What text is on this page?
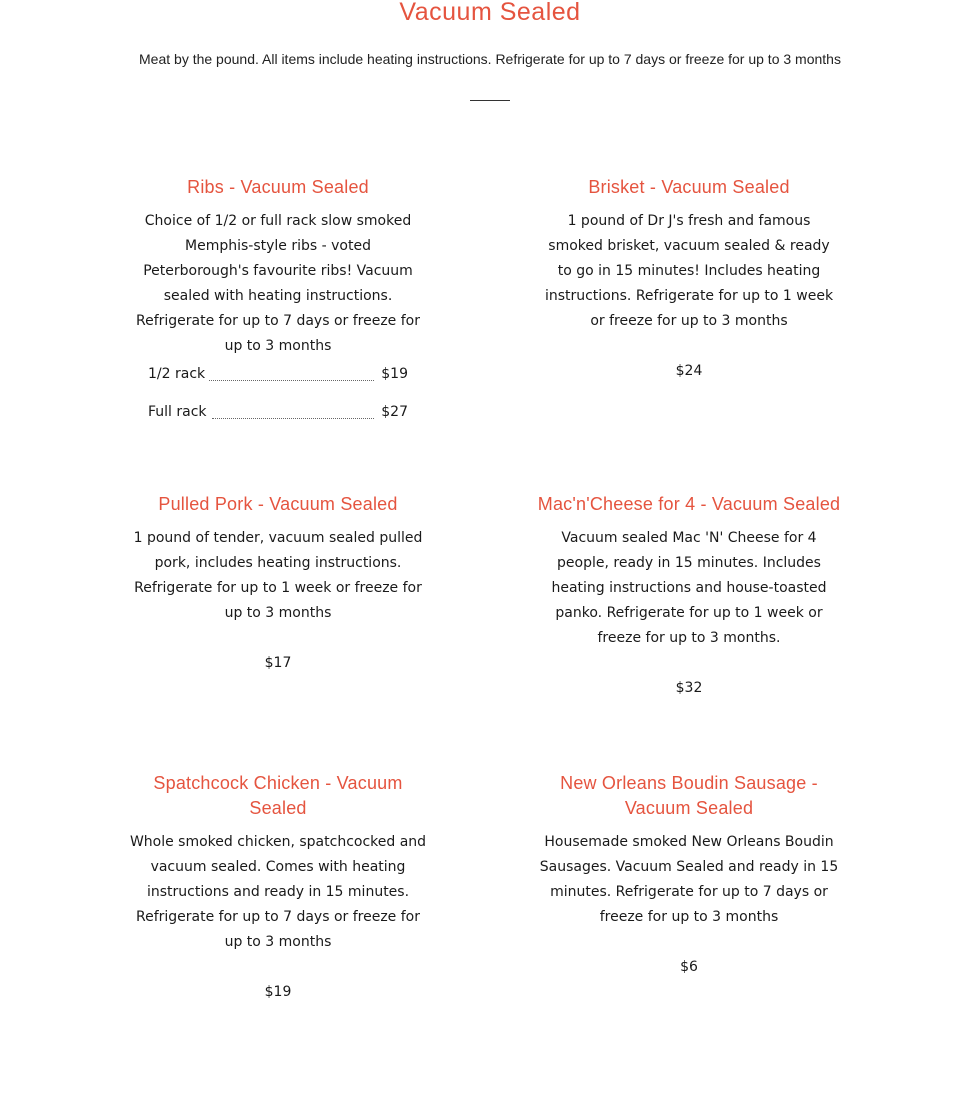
Vacuum Sealed
Meat by the pound. All items include heating instructions. Refrigerate for up to 7 days or freeze for up to 3 months
Ribs - Vacuum Sealed
Choice of 1/2 or full rack slow smoked Memphis-style ribs - voted Peterborough's favourite ribs! Vacuum sealed with heating instructions. Refrigerate for up to 7 days or freeze for up to 3 months
1/2 rack	$19
Full rack	$27
Brisket - Vacuum Sealed
1 pound of Dr J's fresh and famous smoked brisket, vacuum sealed & ready to go in 15 minutes! Includes heating instructions. Refrigerate for up to 1 week or freeze for up to 3 months
$24
Pulled Pork - Vacuum Sealed
1 pound of tender, vacuum sealed pulled pork, includes heating instructions. Refrigerate for up to 1 week or freeze for up to 3 months
$17
Mac'n'Cheese for 4 - Vacuum Sealed
Vacuum sealed Mac 'N' Cheese for 4 people, ready in 15 minutes. Includes heating instructions and house-toasted panko. Refrigerate for up to 1 week or freeze for up to 3 months.
$32
Spatchcock Chicken - Vacuum Sealed
Whole smoked chicken, spatchcocked and vacuum sealed. Comes with heating instructions and ready in 15 minutes. Refrigerate for up to 7 days or freeze for up to 3 months
$19
New Orleans Boudin Sausage - Vacuum Sealed
Housemade smoked New Orleans Boudin Sausages. Vacuum Sealed and ready in 15 minutes. Refrigerate for up to 7 days or freeze for up to 3 months
$6
